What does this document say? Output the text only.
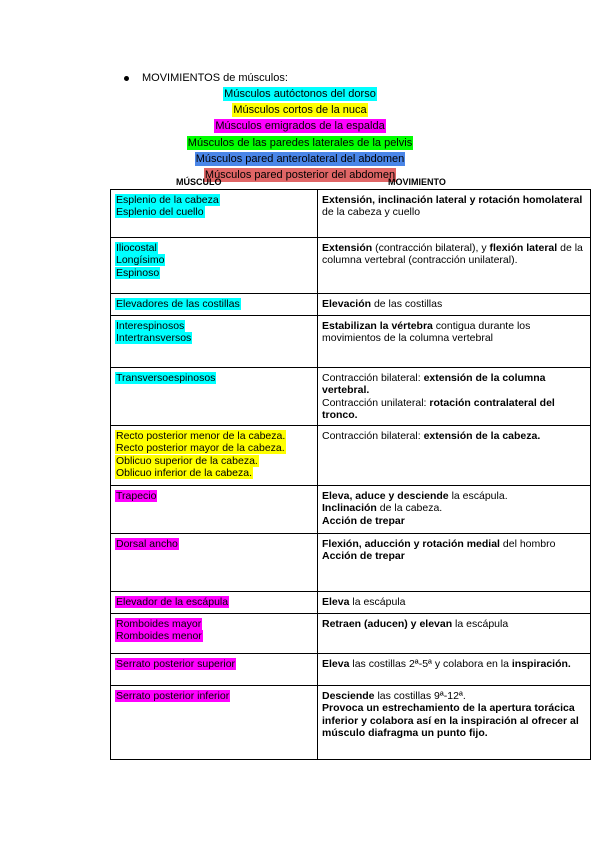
MOVIMIENTOS de músculos:
Músculos autóctonos del dorso
Músculos cortos de la nuca
Músculos emigrados de la espalda
Músculos de las paredes laterales de la pelvis
Músculos pared anterolateral del abdomen
Músculos pared posterior del abdomen
MÚSCULO	MOVIMIENTO
Esplenio de la cabeza
Esplenio del cuello	Extensión, inclinación lateral y rotación homolateral de la cabeza y cuello

Iliocostal
Longísimo
Espinoso	Extensión (contracción bilateral), y flexión lateral de la columna vertebral (contracción unilateral).

Elevadores de las costillas	Elevación de las costillas

Interespinosos
Intertransversos	Estabilizan la vértebra contigua durante los movimientos de la columna vertebral

Transversoespinosos	Contracción bilateral: extensión de la columna vertebral.
Contracción unilateral: rotación contralateral del tronco.

Recto posterior menor de la cabeza.
Recto posterior mayor de la cabeza.
Oblicuo superior de la cabeza.
Oblicuo inferior de la cabeza.	Contracción bilateral: extensión de la cabeza.

Trapecio	Eleva, aduce y desciende la escápula.
Inclinación de la cabeza.
Acción de trepar

Dorsal ancho	Flexión, aducción y rotación medial del hombro
Acción de trepar

Elevador de la escápula	Eleva la escápula

Romboides mayor
Romboides menor	Retraen (aducen) y elevan la escápula

Serrato posterior superior	Eleva las costillas 2ª-5ª y colabora en la inspiración.

Serrato posterior inferior	Desciende las costillas 9ª-12ª.
Provoca un estrechamiento de la apertura torácica inferior y colabora así en la inspiración al ofrecer al músculo diafragma un punto fijo.
